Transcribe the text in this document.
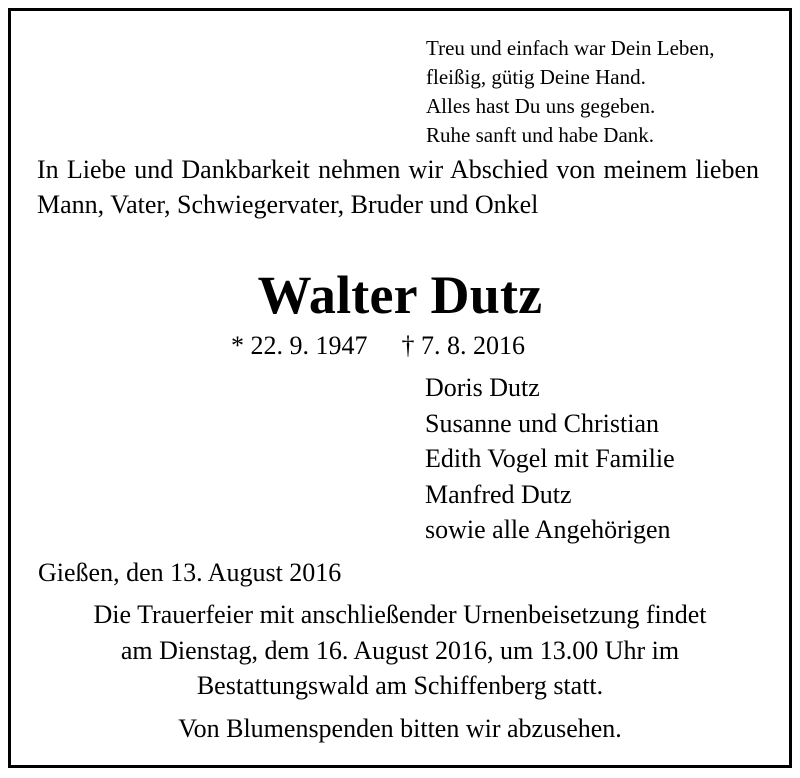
Treu und einfach war Dein Leben,
fleißig, gütig Deine Hand.
Alles hast Du uns gegeben.
Ruhe sanft und habe Dank.
In Liebe und Dankbarkeit nehmen wir Abschied von meinem lieben Mann, Vater, Schwiegervater, Bruder und Onkel
Walter Dutz
* 22. 9. 1947 † 7. 8. 2016
Doris Dutz
Susanne und Christian
Edith Vogel mit Familie
Manfred Dutz
sowie alle Angehörigen
Gießen, den 13. August 2016
Die Trauerfeier mit anschließender Urnenbeisetzung findet
am Dienstag, dem 16. August 2016, um 13.00 Uhr im
Bestattungswald am Schiffenberg statt.
Von Blumenspenden bitten wir abzusehen.
